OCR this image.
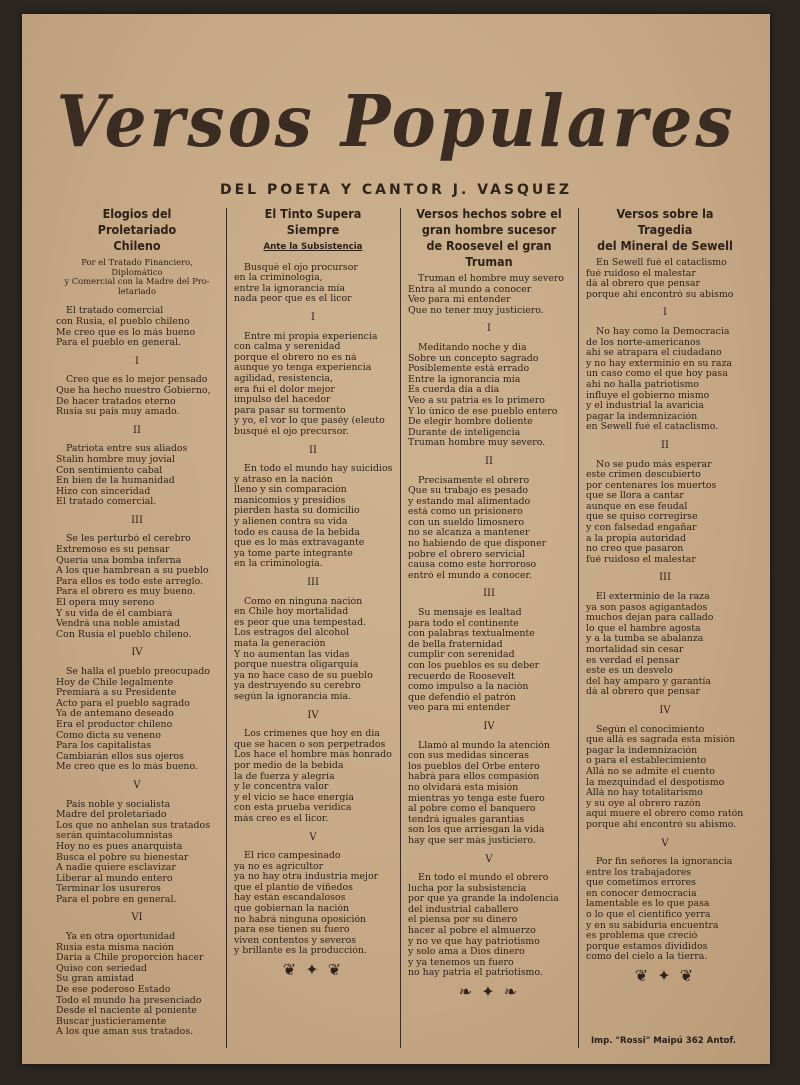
Versos Populares
DEL POETA Y CANTOR J. VASQUEZ
Elogios del Proletariado
Chileno
Por el Tratado Financiero, Diplomático
y Comercial con la Madre del Pro-
letariado
El tratado comercial
con Rusia, el pueblo chileno
Me creo que es lo más bueno
Para el pueblo en general.
I
Creo que es lo mejor pensado
Que ha hecho nuestro Gobierno,
De hacer tratados eterno
Rusia su país muy amado.
II
Patriota entre sus aliados
Stalin hombre muy jovial
Con sentimiento cabal
En bien de la humanidad
Hizo con sinceridad
El tratado comercial.
III
Se les perturbó el cerebro
Extremoso es su pensar
Quería una bomba inferna
A los que hambrean a su pueblo
Para ellos es todo este arreglo.
Para el obrero es muy bueno.
El opera muy sereno
Y su vida de él cambiará
Vendrá una noble amistad
Con Rusia el pueblo chileno.
IV
Se halla el pueblo preocupado
Hoy de Chile legalmente
Premiará a su Presidente
Acto para el pueblo sagrado
Ya de antemano deseado
Era el productor chileno
Como dicta su veneno
Para los capitalistas
Cambiarán ellos sus ojeros
Me creo que es lo más bueno.
V
País noble y socialista
Madre del proletariado
Los que no anhelan sus tratados
serán quintacolumnistas
Hoy no es pues anarquista
Busca el pobre su bienestar
A nadie quiere esclavizar
Liberar al mundo entero
Terminar los usureros
Para el pobre en general.
VI
Ya en otra oportunidad
Rusia esta misma nación
Daría a Chile proporción hacer
Quiso con seriedad
Su gran amistad
De ese poderoso Estado
Todo el mundo ha presenciado
Desde el naciente al poniente
Buscar justicieramente
A los que aman sus tratados.
El Tinto Supera Siempre
Ante la Subsistencia
Busqué el ojo procursor
en la criminología,
entre la ignorancia mía
nada peor que es el licor
I
Entre mi propia experiencia
con calma y serenidad
porque el obrero no es ná
aunque yo tenga experiencia
agilidad, resistencia,
era fui el dolor mejor
impulso del hacedor
para pasar su tormento
y yo, el vor lo que paséy (eleuto
busqué el ojo precursor.
II
En todo el mundo hay suicidios
y atraso en la nación
lleno y sin comparación
manicomios y presidios
pierden hasta su domicilio
y alienen contra su vida
todo es causa de la bebida
que es lo más extravagante
ya tome parte integrante
en la criminología.
III
Como en ninguna nación
en Chile hoy mortalidad
es peor que una tempestad.
Los estragos del alcohol
mata la generación
Y no aumentan las vidas
porque nuestra oligarquía
ya no hace caso de su pueblo
ya destruyendo su cerebro
según la ignorancia mía.
IV
Los crímenes que hoy en día
que se hacen o son perpetrados
Los hace el hombre más honrado
por medio de la bebida
la de fuerza y alegría
y le concentra valor
y el vicio se hace energía
con esta prueba verídica
más creo es el licor.
V
El rico campesinado
ya no es agricultor
ya no hay otra industria mejor
que el plantío de viñedos
hay están escandalosos
que gobiernan la nación
no habrá ninguna oposición
para ese tienen su fuero
viven contentos y severos
y brillante es la producción.
❦ ✦ ❦
Versos hechos sobre el
gran hombre sucesor
de Roosevel el gran Truman
Truman el hombre muy severo
Entra al mundo a conocer
Veo para mi entender
Que no tener muy justiciero.
I
Meditando noche y día
Sobre un concepto sagrado
Posiblemente está errado
Entre la ignorancia mía
Es cuerda día a día
Veo a su patria es lo primero
Y lo único de ese pueblo entero
De elegir hombre doliente
Durante de inteligencia
Truman hombre muy severo.
II
Precisamente el obrero
Que su trabajo es pesado
y estando mal alimentado
está como un prisionero
con un sueldo limosnero
no se alcanza a mantener
no habiendo de que disponer
pobre el obrero servicial
causa como este horroroso
entró el mundo a conocer.
III
Su mensaje es lealtad
para todo el continente
con palabras textualmente
de bella fraternidad
cumplir con serenidad
con los pueblos es su deber
recuerdo de Roosevelt
como impulso a la nación
que defendió el patrón
veo para mi entender
IV
Llamó al mundo la atención
con sus medidas sinceras
los pueblos del Orbe entero
habrá para ellos compasión
no olvidará esta misión
mientras yo tenga este fuero
al pobre como el banquero
tendrá iguales garantías
son los que arriesgan la vida
hay que ser más justiciero.
V
En todo el mundo el obrero
lucha por la subsistencia
por que ya grande la indolencia
del industrial caballero
el piensa por su dinero
hacer al pobre el almuerzo
y no ve que hay patriotismo
y solo ama a Dios dinero
y ya tenemos un fuero
no hay patria el patriotismo.
❧ ✦ ❧
Versos sobre la Tragedia
del Mineral de Sewell
En Sewell fué el cataclismo
fué ruidoso el malestar
dá al obrero que pensar
porque ahí encontró su abismo
I
No hay como la Democracia
de los norte-americanos
ahí se atrapara el ciudadano
y no hay exterminio en su raza
un caso como el que hoy pasa
ahí no halla patriotismo
influye el gobierno mismo
y el industrial la avaricia
pagar la indemnización
en Sewell fué el cataclismo.
II
No se pudo más esperar
este crimen descubierto
por centenares los muertos
que se llora a cantar
aunque en ese feudal
que se quiso corregirse
y con falsedad engañar
a la propia autoridad
no creo que pasaron
fué ruidoso el malestar
III
El exterminio de la raza
ya son pasos agigantados
muchos dejan para callado
lo que el hambre agosta
y a la tumba se abalanza
mortalidad sin cesar
es verdad el pensar
este es un desvelo
del hay amparo y garantía
dá al obrero que pensar
IV
Según el conocimiento
que allá es sagrada esta misión
pagar la indemnización
o para el establecimiento
Allá no se admite el cuento
la mezquindad el despotismo
Allá no hay totalitarismo
y su oye al obrero razón
aquí muere el obrero como ratón
porque ahí encontró su abismo.
V
Por fin señores la ignorancia
entre los trabajadores
que cometimos errores
en conocer democracia
lamentable es lo que pasa
o lo que el científico yerra
y en su sabiduría encuentra
es problema que creció
porque estamos divididos
como del cielo a la tierra.
❦ ✦ ❦
Imp. "Rossi" Maipú 362 Antof.
